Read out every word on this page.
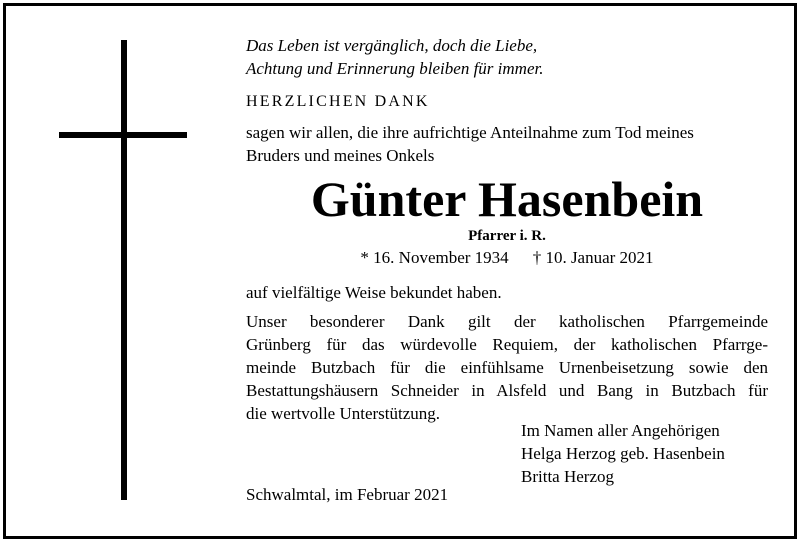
Das Leben ist vergänglich, doch die Liebe,
Achtung und Erinnerung bleiben für immer.
HERZLICHEN DANK
sagen wir allen, die ihre aufrichtige Anteilnahme zum Tod meines
Bruders und meines Onkels
Günter Hasenbein
Pfarrer i. R.
* 16. November 1934 † 10. Januar 2021
auf vielfältige Weise bekundet haben.
Unser besonderer Dank gilt der katholischen Pfarrgemeinde
Grünberg für das würdevolle Requiem, der katholischen Pfarrge-
meinde Butzbach für die einfühlsame Urnenbeisetzung sowie den
Bestattungshäusern Schneider in Alsfeld und Bang in Butzbach für
die wertvolle Unterstützung.
Im Namen aller Angehörigen
Helga Herzog geb. Hasenbein
Britta Herzog
Schwalmtal, im Februar 2021
